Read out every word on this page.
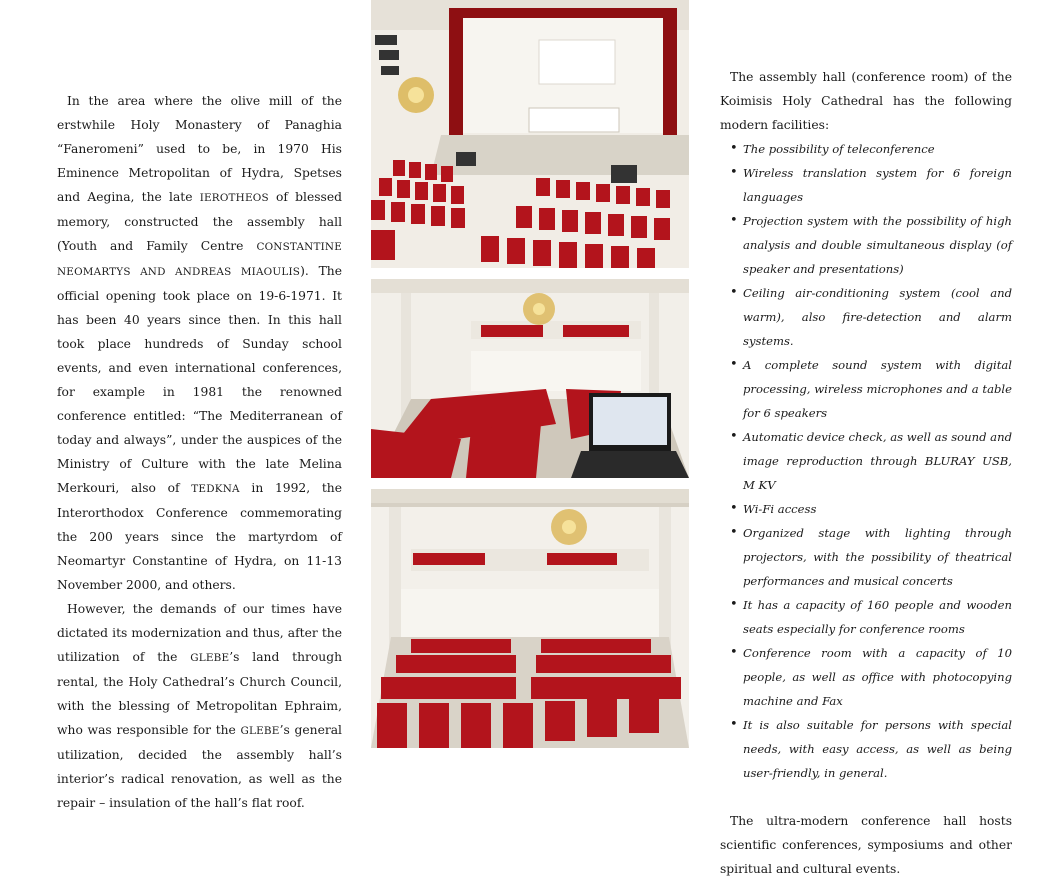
In the area where the olive mill of the erstwhile Holy Monastery of Panaghia “Faneromeni” used to be, in 1970 His Eminence Metropolitan of Hydra, Spetses and Aegina, the late IEROTHEOS of blessed memory, constructed the assembly hall (Youth and Family Centre CONSTANTINE NEOMARTYS AND ANDREAS MIAOULIS). The official opening took place on 19-6-1971. It has been 40 years since then. In this hall took place hundreds of Sunday school events, and even international conferences, for example in 1981 the renowned conference entitled: “The Mediterranean of today and always”, under the auspices of the Ministry of Culture with the late Melina Merkouri, also of TEDKNA in 1992, the Interorthodox Conference commemorating the 200 years since the martyrdom of Neomartyr Constantine of Hydra, on 11-13 November 2000, and others.

However, the demands of our times have dictated its modernization and thus, after the utilization of the GLEBE’s land through rental, the Holy Cathedral’s Church Council, with the blessing of Metropolitan Ephraim, who was responsible for the GLEBE’s general utilization, decided the assembly hall’s interior’s radical renovation, as well as the repair – insulation of the hall’s flat roof.

The assembly hall (conference room) of the Koimisis Holy Cathedral has the following modern facilities:

• The possibility of teleconference
• Wireless translation system for 6 foreign languages
• Projection system with the possibility of high analysis and double simultaneous display (of speaker and presentations)
• Ceiling air-conditioning system (cool and warm), also fire-detection and alarm systems.
• A complete sound system with digital processing, wireless microphones and a table for 6 speakers
• Automatic device check, as well as sound and image reproduction through BLURAY USB, M KV
• Wi-Fi access
• Organized stage with lighting through projectors, with the possibility of theatrical performances and musical concerts
• It has a capacity of 160 people and wooden seats especially for conference rooms
• Conference room with a capacity of 10 people, as well as office with photocopying machine and Fax
• It is also suitable for persons with special needs, with easy access, as well as being user-friendly, in general.

The ultra-modern conference hall hosts scientific conferences, symposiums and other spiritual and cultural events.
